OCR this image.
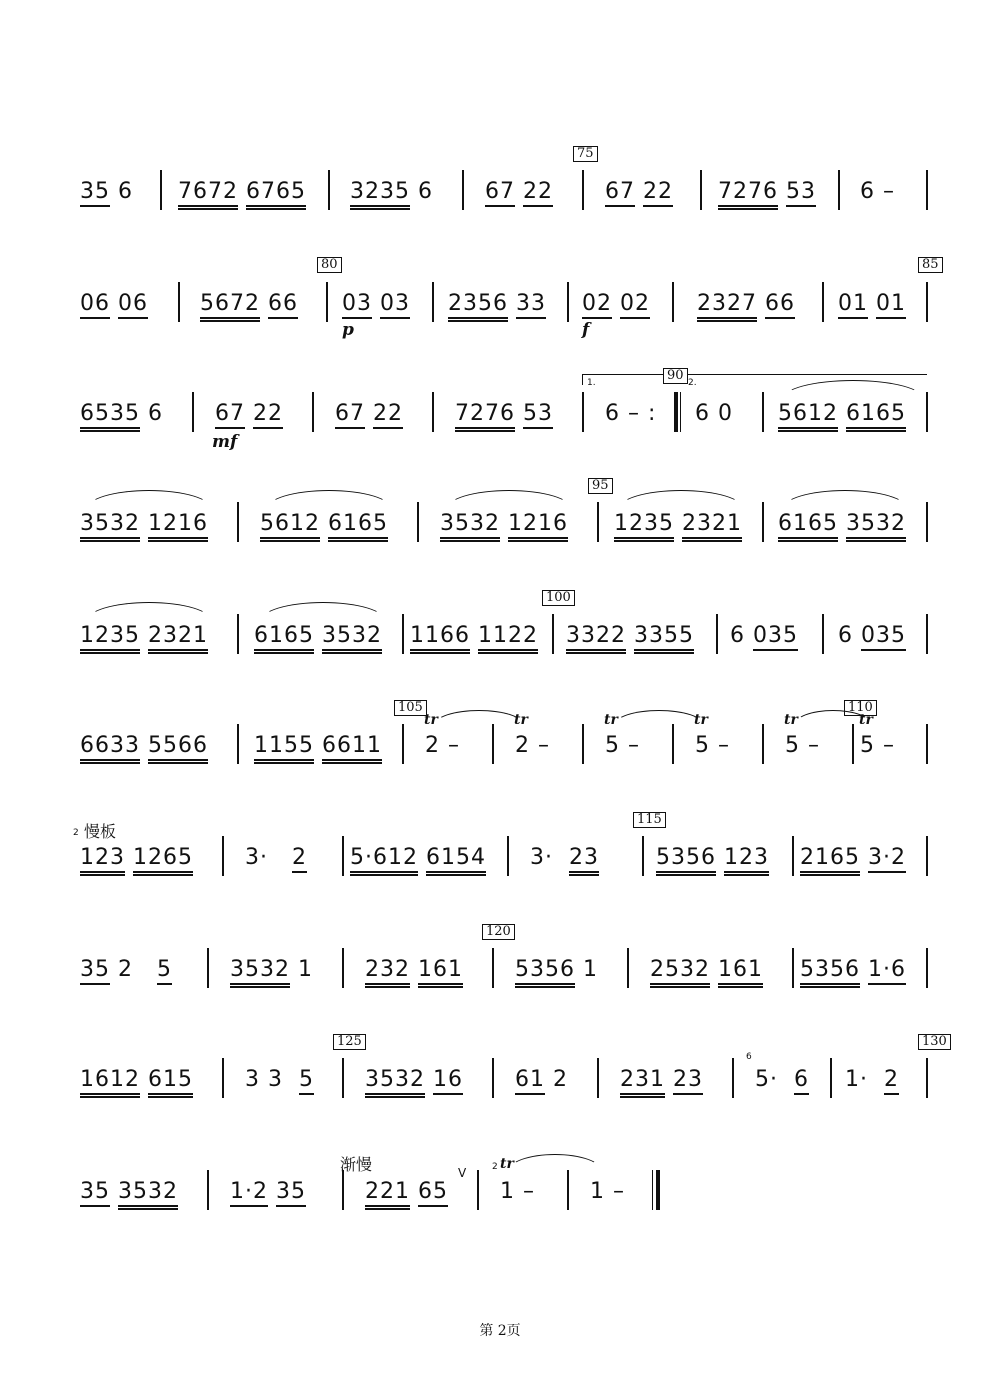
35 6 7672 6765 3235 6 67 22 67 22 7276 53 6 –
75
06 06 5672 66 03 03 2356 33 02 02 2327 66 01 01
80	85
p	f
6535 6 67 22 67 22 7276 53 6 – : 6 0 5612 6165
1.	2.
90
mf
3532 1216 5612 6165 3532 1216 1235 2321 6165 3532
95
1235 2321 6165 3532 1166 1122 3322 3355 6 035 6 035
100
6633 5566 1155 6611 2 –	2 –	5 –	5 –	5 – 5 –
105	110
tr	tr	tr	tr	tr	tr
慢板
2
123 1265 3·   2 5·612 6154 3·  23	5356 123 2165 3·2
115
35 2   5	3532 1 232 161 5356 1 2532 161 5356 1·6
120
1612 615 3 3  5 3532 16 61 2 231 23
6
5·  6 1·  2
125	130
35 3532 1·2 35
渐慢
221 65
V	2 tr
1 –	1 –
第 2页
